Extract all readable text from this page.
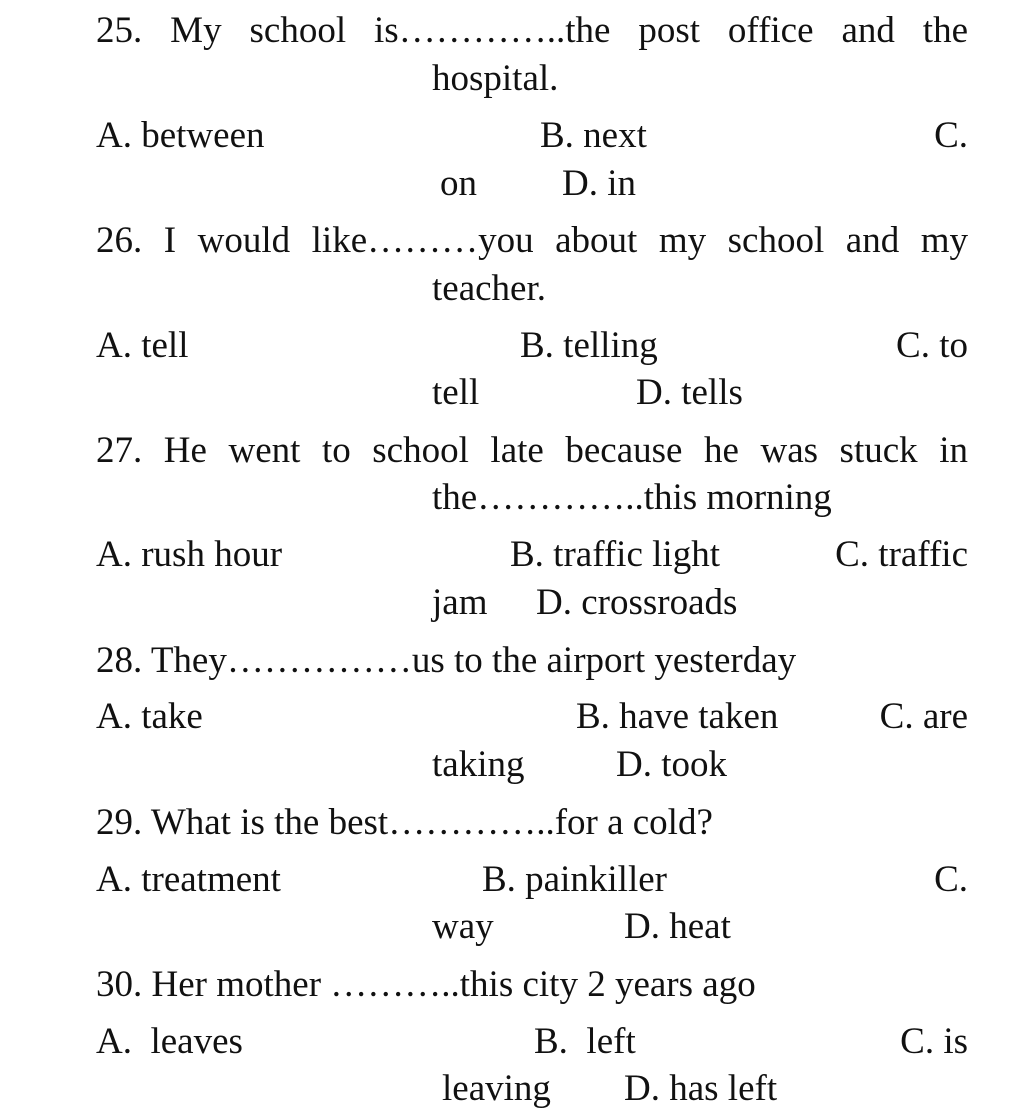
25. My school is…………..the post office and the
hospital.
A. between	B. next	C.
on D. in
26. I would like………you about my school and my
teacher.
A. tell	B. telling	C. to
tell	D. tells
27. He went to school late because he was stuck in
the…………..this morning
A. rush hour	B. traffic light	C. traffic
jam D. crossroads
28. They……………us to the airport yesterday
A. take	B. have taken	C. are
taking D. took
29. What is the best…………..for a cold?
A. treatment	B. painkiller	C.
way	D. heat
30. Her mother ………..this city 2 years ago
A.  leaves	B.  left	C. is
leaving D. has left
